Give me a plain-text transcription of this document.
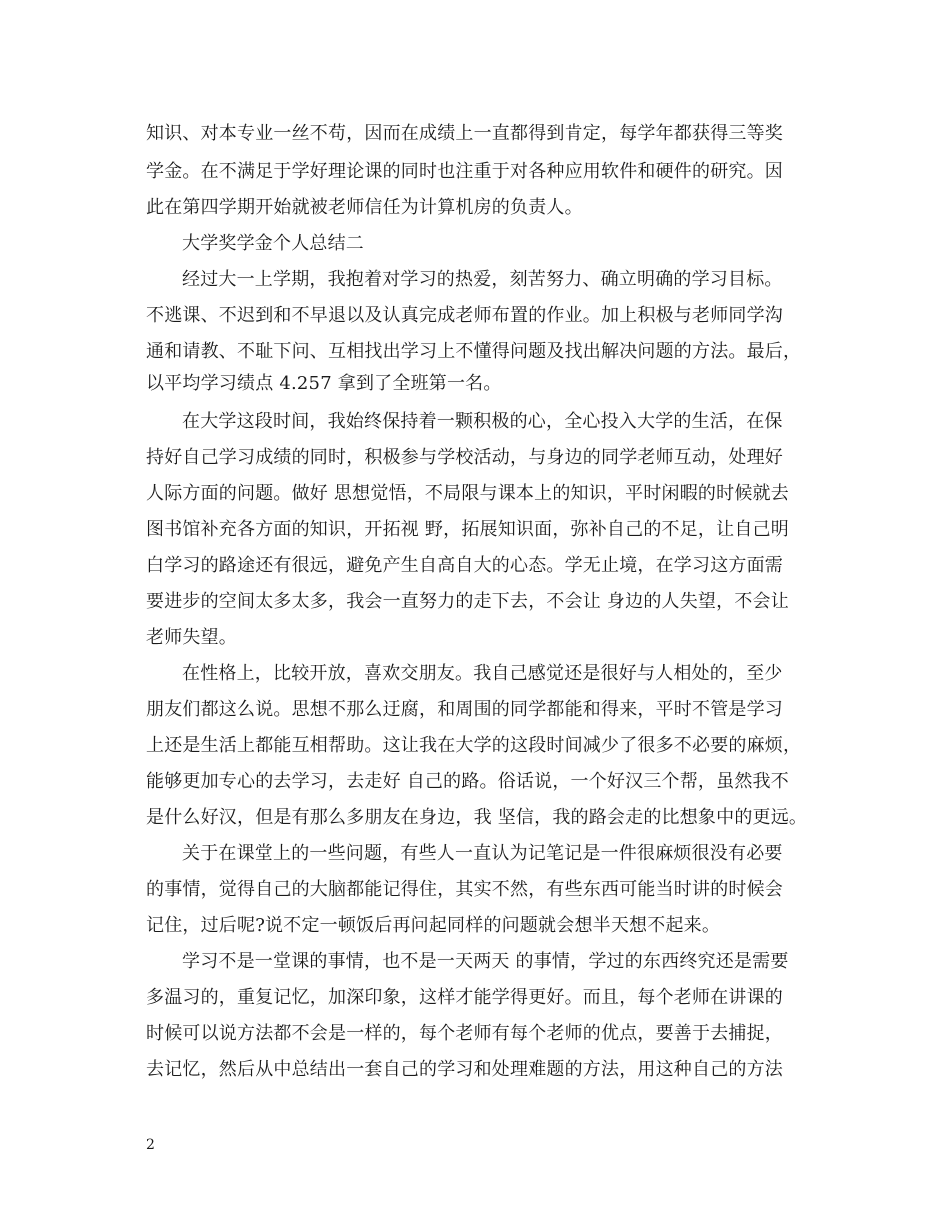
知识、对本专业一丝不苟，因而在成绩上一直都得到肯定，每学年都获得三等奖
学金。在不满足于学好理论课的同时也注重于对各种应用软件和硬件的研究。因
此在第四学期开始就被老师信任为计算机房的负责人。
大学奖学金个人总结二
经过大一上学期，我抱着对学习的热爱，刻苦努力、确立明确的学习目标。
不逃课、不迟到和不早退以及认真完成老师布置的作业。加上积极与老师同学沟
通和请教、不耻下问、互相找出学习上不懂得问题及找出解决问题的方法。最后，
以平均学习绩点 4.257 拿到了全班第一名。
在大学这段时间，我始终保持着一颗积极的心，全心投入大学的生活，在保
持好自己学习成绩的同时，积极参与学校活动，与身边的同学老师互动，处理好
人际方面的问题。做好 思想觉悟，不局限与课本上的知识，平时闲暇的时候就去
图书馆补充各方面的知识，开拓视 野，拓展知识面，弥补自己的不足，让自己明
白学习的路途还有很远，避免产生自高自大的心态。学无止境，在学习这方面需
要进步的空间太多太多，我会一直努力的走下去，不会让 身边的人失望，不会让
老师失望。
在性格上，比较开放，喜欢交朋友。我自己感觉还是很好与人相处的，至少
朋友们都这么说。思想不那么迂腐，和周围的同学都能和得来，平时不管是学习
上还是生活上都能互相帮助。这让我在大学的这段时间减少了很多不必要的麻烦，
能够更加专心的去学习，去走好 自己的路。俗话说，一个好汉三个帮，虽然我不
是什么好汉，但是有那么多朋友在身边，我 坚信，我的路会走的比想象中的更远。
关于在课堂上的一些问题，有些人一直认为记笔记是一件很麻烦很没有必要
的事情，觉得自己的大脑都能记得住，其实不然，有些东西可能当时讲的时候会
记住，过后呢?说不定一顿饭后再问起同样的问题就会想半天想不起来。
学习不是一堂课的事情，也不是一天两天 的事情，学过的东西终究还是需要
多温习的，重复记忆，加深印象，这样才能学得更好。而且，每个老师在讲课的
时候可以说方法都不会是一样的，每个老师有每个老师的优点，要善于去捕捉，
去记忆，然后从中总结出一套自己的学习和处理难题的方法，用这种自己的方法
2
